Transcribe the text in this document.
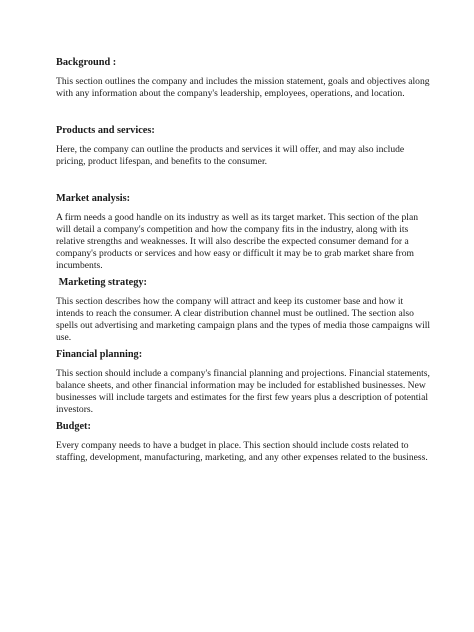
Background :

This section outlines the company and includes the mission statement, goals and objectives along
with any information about the company's leadership, employees, operations, and location.

Products and services:

Here, the company can outline the products and services it will offer, and may also include
pricing, product lifespan, and benefits to the consumer.

Market analysis:

A firm needs a good handle on its industry as well as its target market. This section of the plan
will detail a company's competition and how the company fits in the industry, along with its
relative strengths and weaknesses. It will also describe the expected consumer demand for a
company's products or services and how easy or difficult it may be to grab market share from
incumbents.

Marketing strategy:

This section describes how the company will attract and keep its customer base and how it
intends to reach the consumer. A clear distribution channel must be outlined. The section also
spells out advertising and marketing campaign plans and the types of media those campaigns will
use.

Financial planning:

This section should include a company's financial planning and projections. Financial statements,
balance sheets, and other financial information may be included for established businesses. New
businesses will include targets and estimates for the first few years plus a description of potential
investors.

Budget:

Every company needs to have a budget in place. This section should include costs related to
staffing, development, manufacturing, marketing, and any other expenses related to the business.
